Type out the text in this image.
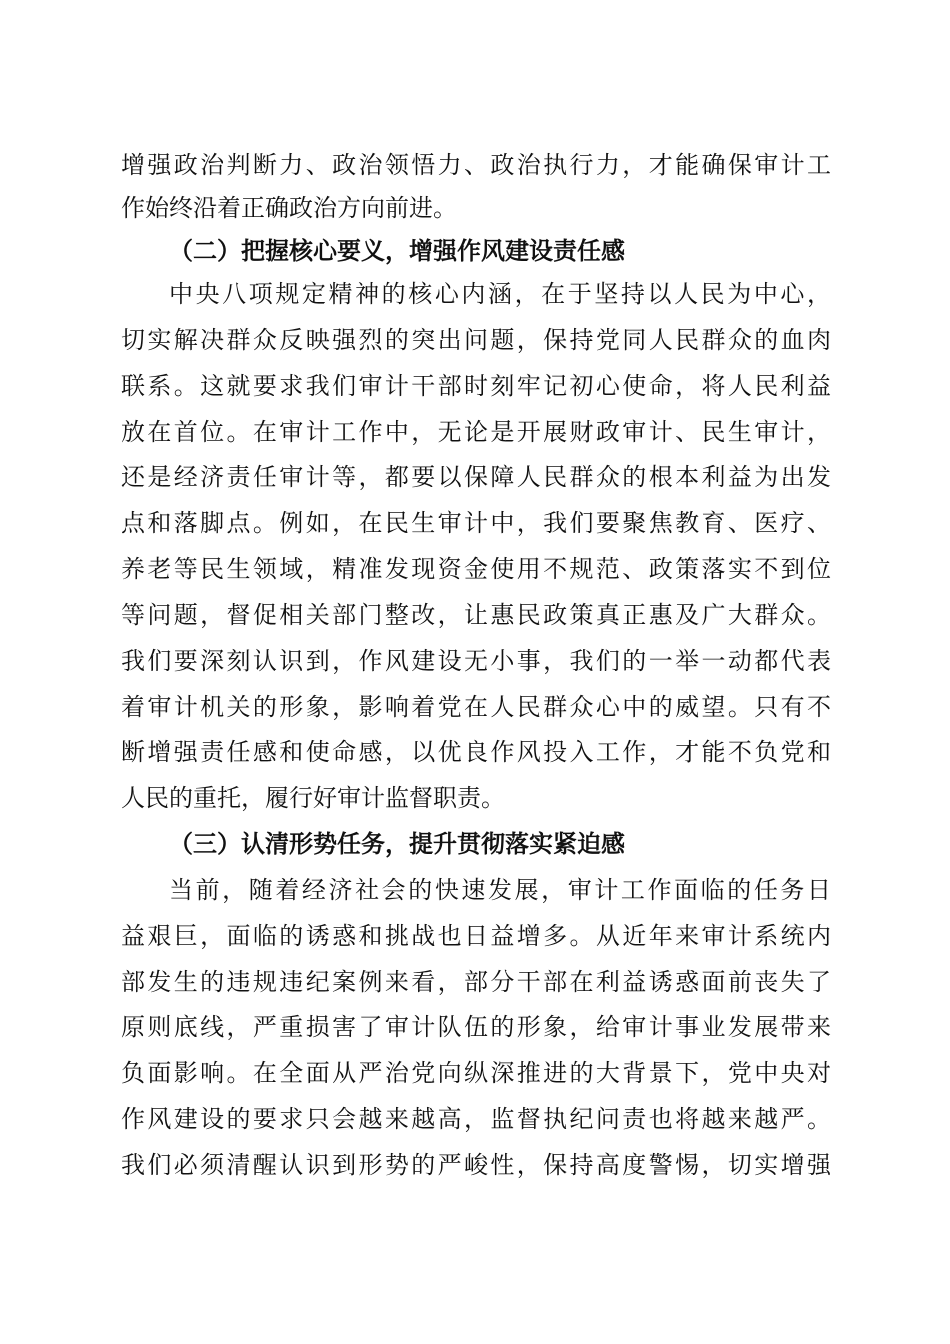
增强政治判断力、政治领悟力、政治执行力，才能确保审计工
作始终沿着正确政治方向前进。
（二）把握核心要义，增强作风建设责任感
中央八项规定精神的核心内涵，在于坚持以人民为中心，
切实解决群众反映强烈的突出问题，保持党同人民群众的血肉
联系。这就要求我们审计干部时刻牢记初心使命，将人民利益
放在首位。在审计工作中，无论是开展财政审计、民生审计，
还是经济责任审计等，都要以保障人民群众的根本利益为出发
点和落脚点。例如，在民生审计中，我们要聚焦教育、医疗、
养老等民生领域，精准发现资金使用不规范、政策落实不到位
等问题，督促相关部门整改，让惠民政策真正惠及广大群众。
我们要深刻认识到，作风建设无小事，我们的一举一动都代表
着审计机关的形象，影响着党在人民群众心中的威望。只有不
断增强责任感和使命感，以优良作风投入工作，才能不负党和
人民的重托，履行好审计监督职责。
（三）认清形势任务，提升贯彻落实紧迫感
当前，随着经济社会的快速发展，审计工作面临的任务日
益艰巨，面临的诱惑和挑战也日益增多。从近年来审计系统内
部发生的违规违纪案例来看，部分干部在利益诱惑面前丧失了
原则底线，严重损害了审计队伍的形象，给审计事业发展带来
负面影响。在全面从严治党向纵深推进的大背景下，党中央对
作风建设的要求只会越来越高，监督执纪问责也将越来越严。
我们必须清醒认识到形势的严峻性，保持高度警惕，切实增强
